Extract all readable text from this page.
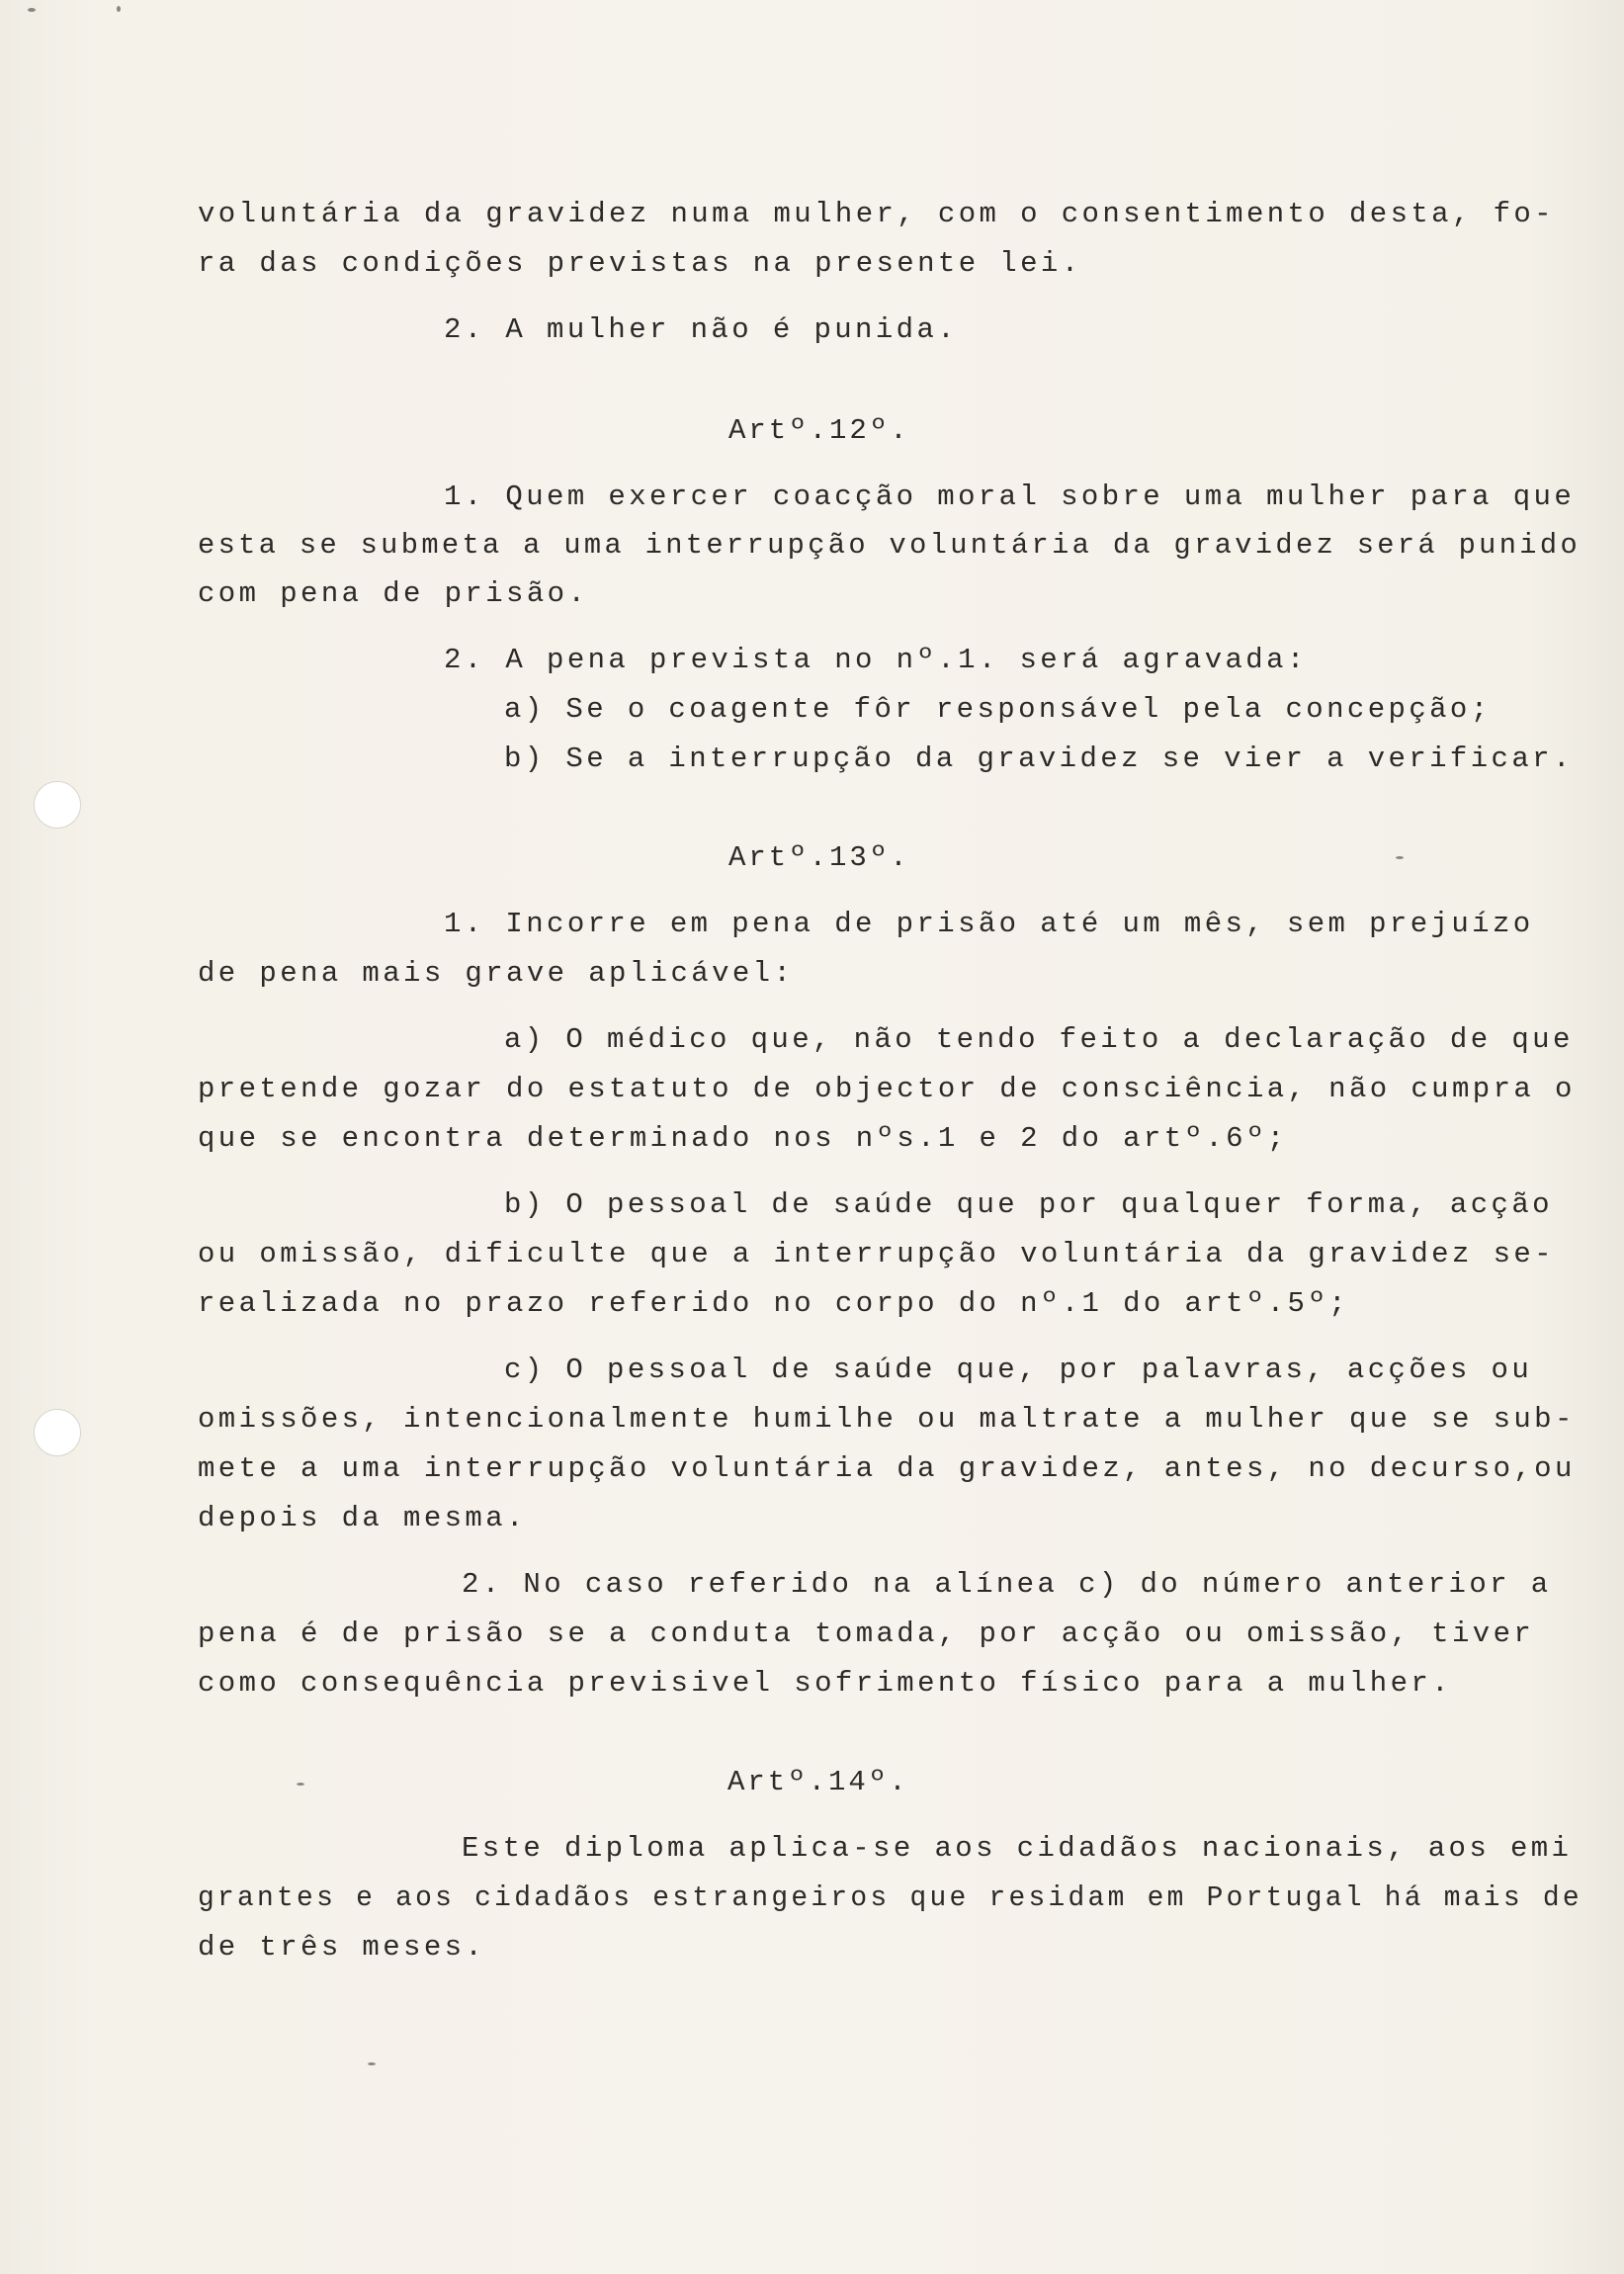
voluntária da gravidez numa mulher, com o consentimento desta, fo-
ra das condições previstas na presente lei.
2. A mulher não é punida.
Artº.12º.
1. Quem exercer coacção moral sobre uma mulher para que
esta se submeta a uma interrupção voluntária da gravidez será punido
com pena de prisão.
2. A pena prevista no nº.1. será agravada:
a) Se o coagente fôr responsável pela concepção;
b) Se a interrupção da gravidez se vier a verificar.
Artº.13º.
1. Incorre em pena de prisão até um mês, sem prejuízo
de pena mais grave aplicável:
a) O médico que, não tendo feito a declaração de que
pretende gozar do estatuto de objector de consciência, não cumpra o
que se encontra determinado nos nºs.1 e 2 do artº.6º;
b) O pessoal de saúde que por qualquer forma, acção
ou omissão, dificulte que a interrupção voluntária da gravidez se-
realizada no prazo referido no corpo do nº.1 do artº.5º;
c) O pessoal de saúde que, por palavras, acções ou
omissões, intencionalmente humilhe ou maltrate a mulher que se sub-
mete a uma interrupção voluntária da gravidez, antes, no decurso,ou
depois da mesma.
2. No caso referido na alínea c) do número anterior a
pena é de prisão se a conduta tomada, por acção ou omissão, tiver
como consequência previsivel sofrimento físico para a mulher.
Artº.14º.
Este diploma aplica-se aos cidadãos nacionais, aos emi
grantes e aos cidadãos estrangeiros que residam em Portugal há mais de
de três meses.
